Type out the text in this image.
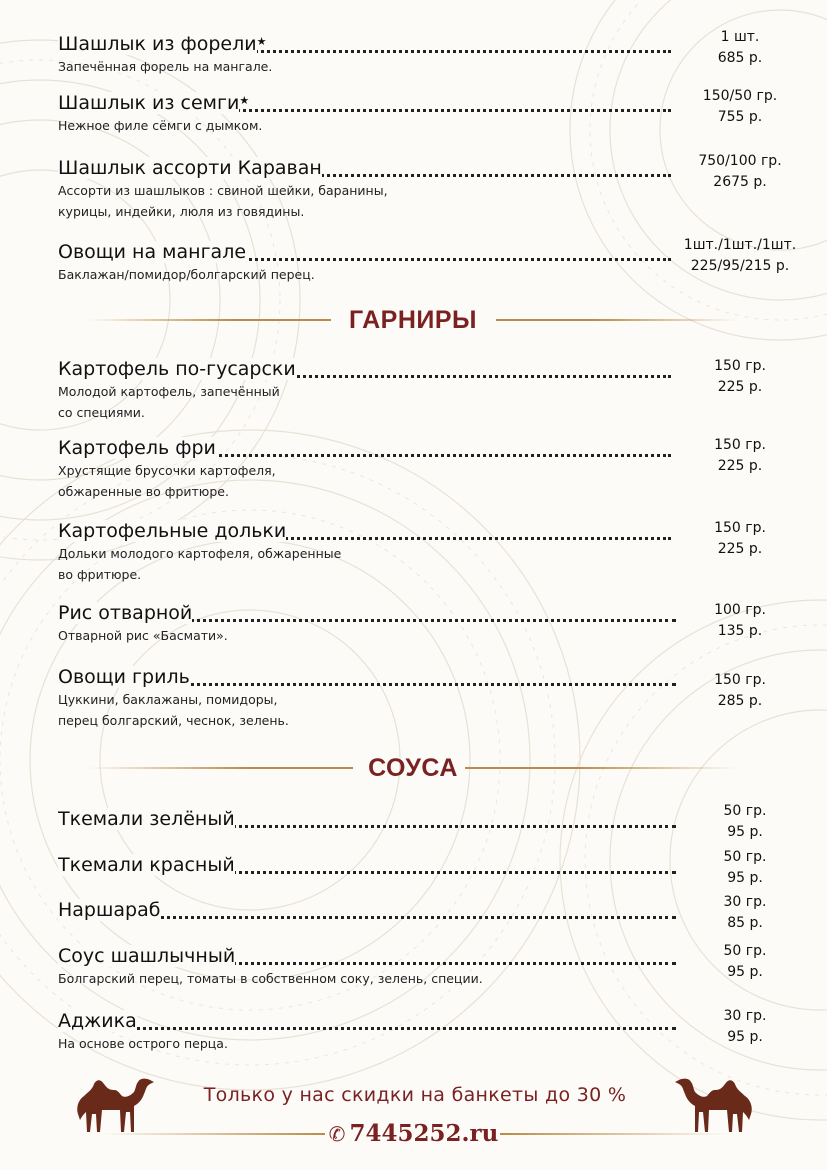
Шашлык из форели★
Запечённая форель на мангале.
1 шт.
685 р.
Шашлык из семги★
Нежное филе сёмги с дымком.
150/50 гр.
755 р.
Шашлык ассорти Караван
Ассорти из шашлыков : свиной шейки, баранины,
курицы, индейки, люля из говядины.
750/100 гр.
2675 р.
Овощи на мангале
Баклажан/помидор/болгарский перец.
1шт./1шт./1шт.
225/95/215 р.
ГАРНИРЫ
Картофель по-гусарски
Молодой картофель, запечённый
со специями.
150 гр.
225 р.
Картофель фри
Хрустящие брусочки картофеля,
обжаренные во фритюре.
150 гр.
225 р.
Картофельные дольки
Дольки молодого картофеля, обжаренные
во фритюре.
150 гр.
225 р.
Рис отварной
Отварной рис «Басмати».
100 гр.
135 р.
Овощи гриль
Цуккини, баклажаны, помидоры,
перец болгарский, чеснок, зелень.
150 гр.
285 р.
СОУСА
Ткемали зелёный	50 гр.
95 р.
Ткемали красный	50 гр.
95 р.
Наршараб	30 гр.
85 р.
Соус шашлычный
Болгарский перец, томаты в собственном соку, зелень, специи.
50 гр.
95 р.
Аджика
На основе острого перца.
30 гр.
95 р.
Только у нас скидки на банкеты до 30 %
✆ 7445252.ru
